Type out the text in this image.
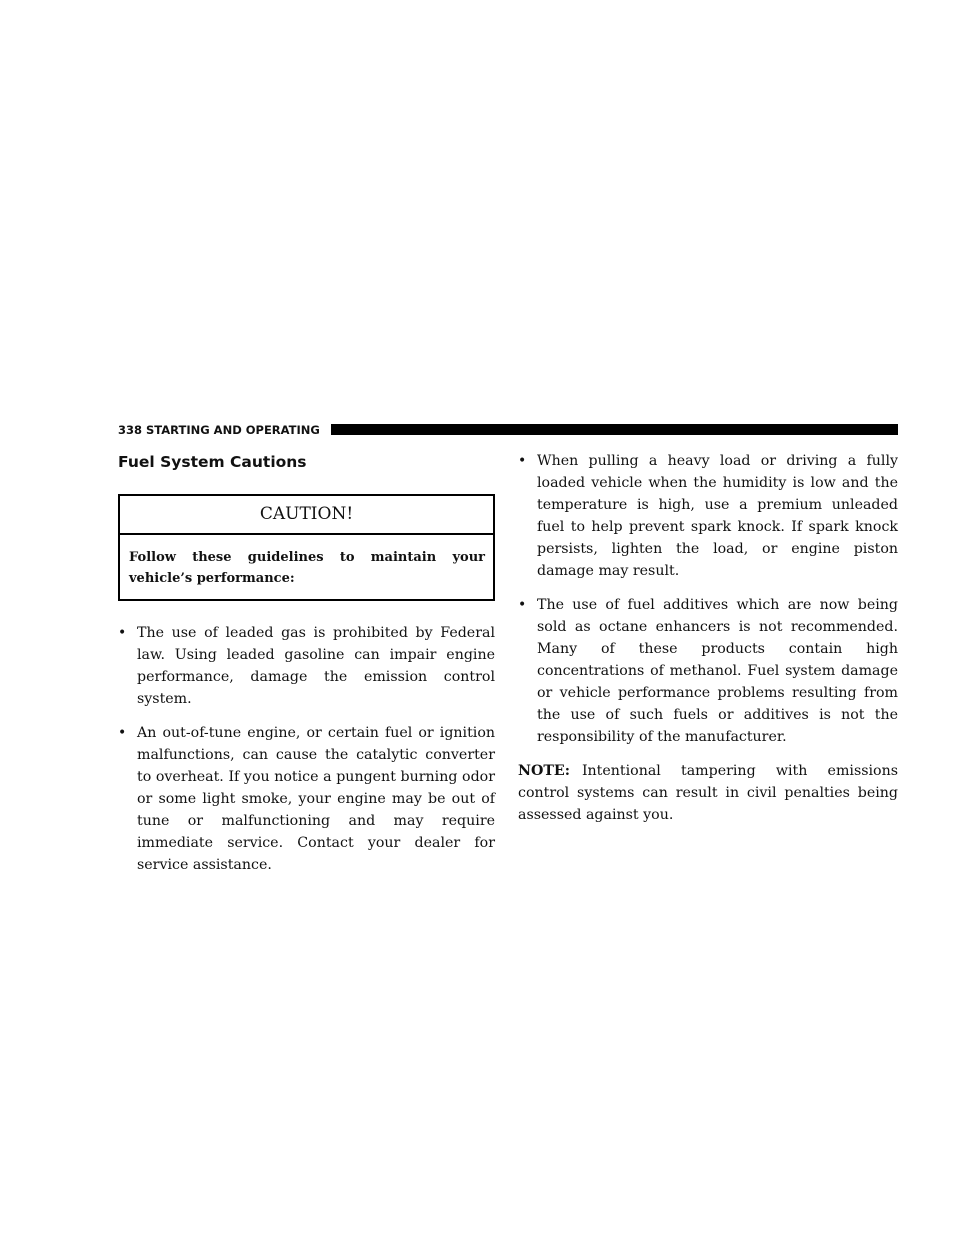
338 STARTING AND OPERATING
Fuel System Cautions
CAUTION!
Follow these guidelines to maintain your vehicle’s performance:
• The use of leaded gas is prohibited by Federal law. Using leaded gasoline can impair engine performance, damage the emission control system.
• An out-of-tune engine, or certain fuel or ignition malfunctions, can cause the catalytic converter to overheat. If you notice a pungent burning odor or some light smoke, your engine may be out of tune or malfunctioning and may require immediate service. Contact your dealer for service assistance.
• When pulling a heavy load or driving a fully loaded vehicle when the humidity is low and the temperature is high, use a premium unleaded fuel to help prevent spark knock. If spark knock persists, lighten the load, or engine piston damage may result.
• The use of fuel additives which are now being sold as octane enhancers is not recommended. Many of these products contain high concentrations of methanol. Fuel system damage or vehicle performance problems resulting from the use of such fuels or additives is not the responsibility of the manufacturer.

NOTE: Intentional tampering with emissions control systems can result in civil penalties being assessed against you.
